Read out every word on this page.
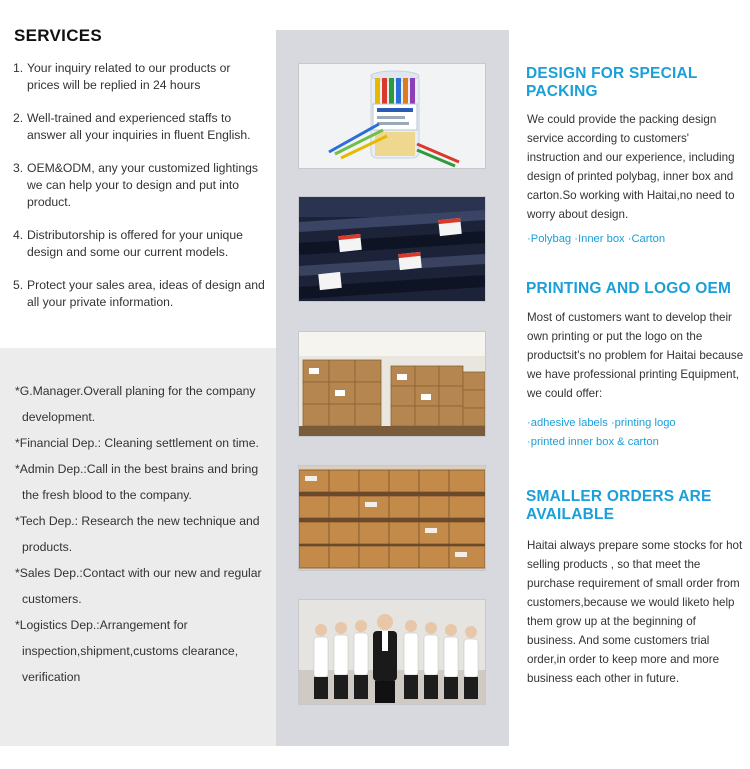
SERVICES
1. Your inquiry related to our products or prices will be replied in 24 hours
2. Well-trained and experienced staffs to answer all your inquiries in fluent English.
3. OEM&ODM, any your customized lightings we can help your to design and put into product.
4. Distributorship is offered for your unique design and some our current models.
5. Protect your sales area, ideas of design and all your private information.
*G.Manager.Overall planing for the company development.
*Financial Dep.: Cleaning settlement on time.
*Admin Dep.:Call in the best brains and bring the fresh blood to the company.
*Tech Dep.: Research the new technique and products.
*Sales Dep.:Contact with our new and regular customers.
*Logistics Dep.:Arrangement for inspection,shipment,customs clearance, verification
DESIGN FOR SPECIAL PACKING

We could provide the packing design service according to customers' instruction and our experience, including design of printed polybag, inner box and carton.So working with Haitai,no need to worry about design.

·Polybag ·Inner box ·Carton

PRINTING AND LOGO OEM

Most of customers want to develop their own printing or put the logo on the productsit's no problem for Haitai because we have professional printing Equipment, we could offer:

·adhesive labels ·printing logo

·printed inner box & carton

SMALLER ORDERS ARE AVAILABLE

Haitai always prepare some stocks for hot selling products , so that meet the purchase requirement of small order from customers,because we would liketo help them grow up at the beginning of business. And some customers trial order,in order to keep more and more business each other in future.
